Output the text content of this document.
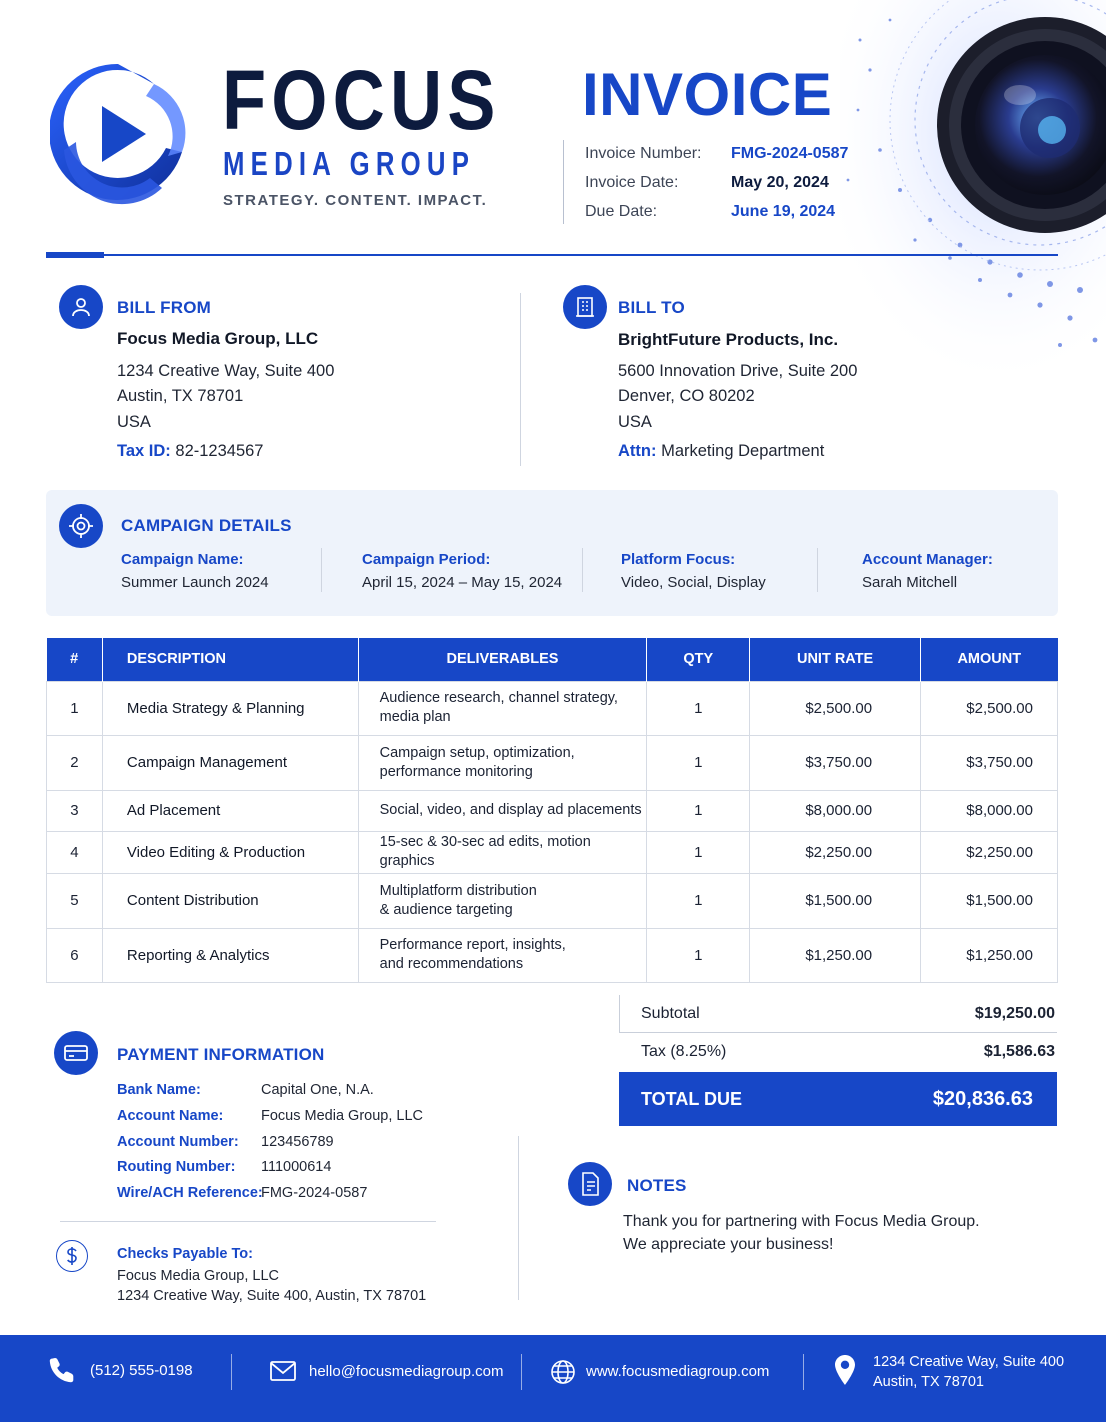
FOCUS
MEDIA GROUP
STRATEGY. CONTENT. IMPACT.
INVOICE
Invoice Number: FMG-2024-0587
Invoice Date:	May 20, 2024
Due Date:	June 19, 2024
BILL FROM
Focus Media Group, LLC
1234 Creative Way, Suite 400
Austin, TX 78701
USA
Tax ID: 82-1234567
BILL TO
BrightFuture Products, Inc.
5600 Innovation Drive, Suite 200
Denver, CO 80202
USA
Attn: Marketing Department
CAMPAIGN DETAILS
Campaign Name:
Summer Launch 2024
Campaign Period:
April 15, 2024 – May 15, 2024
Platform Focus:
Video, Social, Display
Account Manager:
Sarah Mitchell
#	DESCRIPTION	DELIVERABLES	QTY	UNIT RATE	AMOUNT
1	Media Strategy & Planning	Audience research, channel strategy,
media plan	1	$2,500.00	$2,500.00
2	Campaign Management	Campaign setup, optimization,
performance monitoring	1	$3,750.00	$3,750.00
3	Ad Placement	Social, video, and display ad placements	1	$8,000.00	$8,000.00
4	Video Editing & Production	15-sec & 30-sec ad edits, motion graphics	1	$2,250.00	$2,250.00
5	Content Distribution	Multiplatform distribution
& audience targeting	1	$1,500.00	$1,500.00
6	Reporting & Analytics	Performance report, insights,
and recommendations	1	$1,250.00	$1,250.00
Subtotal	$19,250.00
Tax (8.25%)	$1,586.63
TOTAL DUE	$20,836.63
PAYMENT INFORMATION
Bank Name:	Capital One, N.A.
Account Name:	Focus Media Group, LLC
Account Number: 123456789
Routing Number: 111000614
Wire/ACH Reference:
FMG-2024-0587
Checks Payable To:
Focus Media Group, LLC
1234 Creative Way, Suite 400, Austin, TX 78701
NOTES
Thank you for partnering with Focus Media Group.
We appreciate your business!
(512) 555-0198	hello@focusmediagroup.com	www.focusmediagroup.com
1234 Creative Way, Suite 400
Austin, TX 78701
